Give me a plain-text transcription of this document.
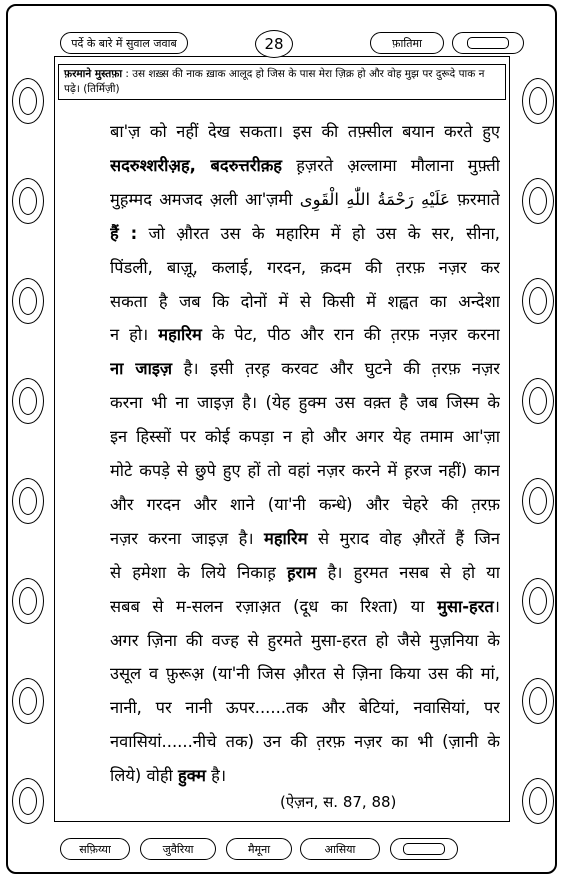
पर्दे के बारे में सुवाल जवाब	28	फ़ातिमा
फ़रमाने मुस्तफ़ा : उस शख़्स की नाक ख़ाक आलूद हो जिस के पास मेरा ज़िक्र हो और वोह मुझ पर दुरूदे पाक न पढ़े। (तिर्मिज़ी)
बा'ज़ को नहीं देख सकता। इस की तफ़्सील बयान करते हुए
सदरुश्शरीअ़ह, बदरुत्तरीक़ह ह़ज़रते अ़ल्लामा मौलाना मुफ़्ती
मुह़म्मद अमजद अ़ली आ'ज़मी عَلَيْهِ رَحْمَةُ اللّٰهِ الْقَوِی फ़रमाते
हैं : जो औ़रत उस के महारिम में हो उस के सर, सीना,
पिंडली, बाज़ू, कलाई, गरदन, क़दम की त़रफ़ नज़र कर
सकता है जब कि दोनों में से किसी में शह्वत का अन्देशा
न हो। महारिम के पेट, पीठ और रान की त़रफ़ नज़र करना
ना जाइज़ है। इसी त़रह़ करवट और घुटने की त़रफ़ नज़र
करना भी ना जाइज़ है। (येह हुक्म उस वक़्त है जब जिस्म के
इन हिस्सों पर कोई कपड़ा न हो और अगर येह तमाम आ'ज़ा
मोटे कपड़े से छुपे हुए हों तो वहां नज़र करने में ह़रज नहीं) कान
और गरदन और शाने (या'नी कन्धे) और चेहरे की त़रफ़
नज़र करना जाइज़ है। महारिम से मुराद वोह औ़रतें हैं जिन
से हमेशा के लिये निकाह़ ह़राम है। हुरमत नसब से हो या
सबब से म-सलन रज़ाअ़त (दूध का रिश्ता) या मुसा-हरत।
अगर ज़िना की वज्ह से हुरमते मुसा-हरत हो जैसे मुज़निया के
उसूल व फ़ुरूअ़ (या'नी जिस औ़रत से ज़िना किया उस की मां,
नानी, पर नानी ऊपर......तक और बेटियां, नवासियां, पर
नवासियां......नीचे तक) उन की त़रफ़ नज़र का भी (ज़ानी के
लिये) वोही हुक्म है।
(ऐज़न, स. 87, 88)
सफ़िय्या	जुवैरिया	मैमूना	आसिया
